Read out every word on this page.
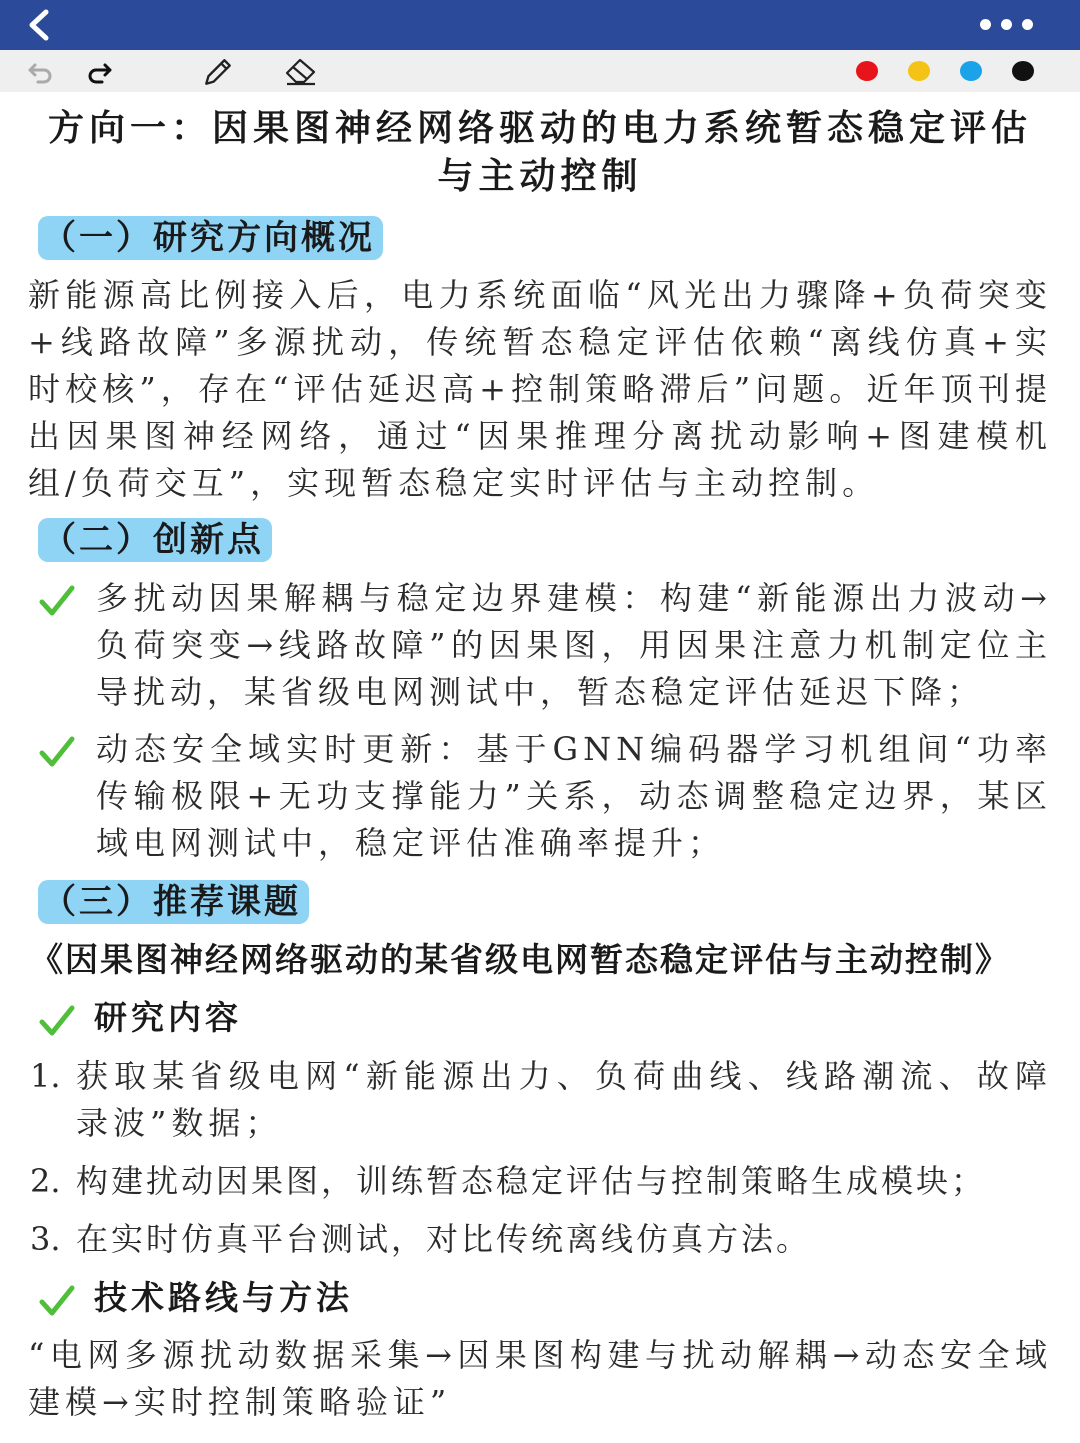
方向一：因果图神经网络驱动的电力系统暂态稳定评估
与主动控制
（一）研究方向概况
新能源高比例接入后，电力系统面临“风光出力骤降+负荷突变+线路故障”多源扰动，传统暂态稳定评估依赖“离线仿真+实时校核”，存在“评估延迟高+控制策略滞后”问题。近年顶刊提出因果图神经网络，通过“因果推理分离扰动影响+图建模机组/负荷交互”，实现暂态稳定实时评估与主动控制。
（二）创新点
多扰动因果解耦与稳定边界建模：构建“新能源出力波动→负荷突变→线路故障”的因果图，用因果注意力机制定位主导扰动，某省级电网测试中，暂态稳定评估延迟下降；
动态安全域实时更新：基于GNN编码器学习机组间“功率传输极限+无功支撑能力”关系，动态调整稳定边界，某区域电网测试中，稳定评估准确率提升；
（三）推荐课题
《因果图神经网络驱动的某省级电网暂态稳定评估与主动控制》
研究内容
1. 获取某省级电网“新能源出力、负荷曲线、线路潮流、故障录波”数据；
2. 构建扰动因果图，训练暂态稳定评估与控制策略生成模块；
3. 在实时仿真平台测试，对比传统离线仿真方法。
技术路线与方法
“电网多源扰动数据采集→因果图构建与扰动解耦→动态安全域建模→实时控制策略验证”
